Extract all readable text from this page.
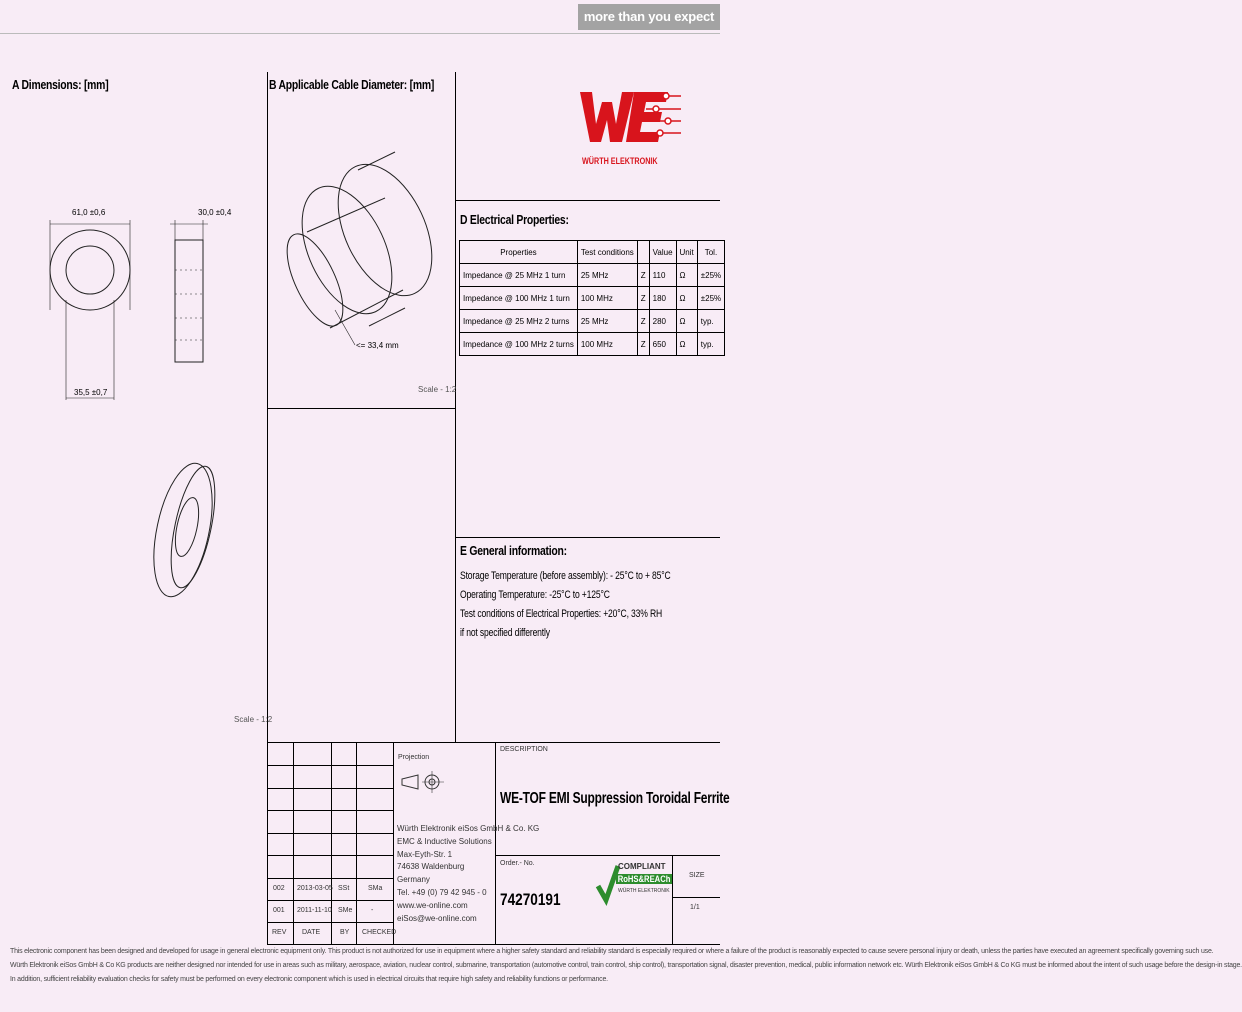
more than you expect
A Dimensions: [mm]	B Applicable Cable Diameter: [mm]
D Electrical Properties:
E General information:
WÜRTH ELEKTRONIK
61,0 ±0,6	30,0 ±0,4
35,5 ±0,7
<= 33,4 mm
Scale - 1:2
Scale - 1:2
Properties	Test conditions		Value	Unit	Tol.
Impedance @ 25 MHz 1 turn	25 MHz	Z	110	Ω	±25%
Impedance @ 100 MHz 1 turn	100 MHz	Z	180	Ω	±25%
Impedance @ 25 MHz 2 turns	25 MHz	Z	280	Ω	typ.
Impedance @ 100 MHz 2 turns	100 MHz	Z	650	Ω	typ.
Storage Temperature (before assembly): - 25°C to + 85°C
Operating Temperature: -25°C to +125°C
Test conditions of Electrical Properties: +20°C, 33% RH
if not specified differently
002 2013-03-05 SSt	SMa
001 2011-11-10 SMe	-
REV DATE	BY CHECKED
Projection
Würth Elektronik eiSos GmbH & Co. KG
EMC & Inductive Solutions
Max-Eyth-Str. 1
74638 Waldenburg
Germany
Tel. +49 (0) 79 42 945 - 0
www.we-online.com
eiSos@we-online.com
DESCRIPTION
WE-TOF EMI Suppression Toroidal Ferrite
Order.- No.
74270191
SIZE
1/1
COMPLIANT
RoHS&REACh
WÜRTH ELEKTRONIK
This electronic component has been designed and developed for usage in general electronic equipment only. This product is not authorized for use in equipment where a higher safety standard and reliability standard is especially required or where a failure of the product is reasonably expected to cause severe personal injury or death, unless the parties have executed an agreement specifically governing such use.
Würth Elektronik eiSos GmbH & Co KG products are neither designed nor intended for use in areas such as military, aerospace, aviation, nuclear control, submarine, transportation (automotive control, train control, ship control), transportation signal, disaster prevention, medical, public information network etc. Würth Elektronik eiSos GmbH & Co KG must be informed about the intent of such usage before the design-in stage.
In addition, sufficient reliability evaluation checks for safety must be performed on every electronic component which is used in electrical circuits that require high safety and reliability functions or performance.
